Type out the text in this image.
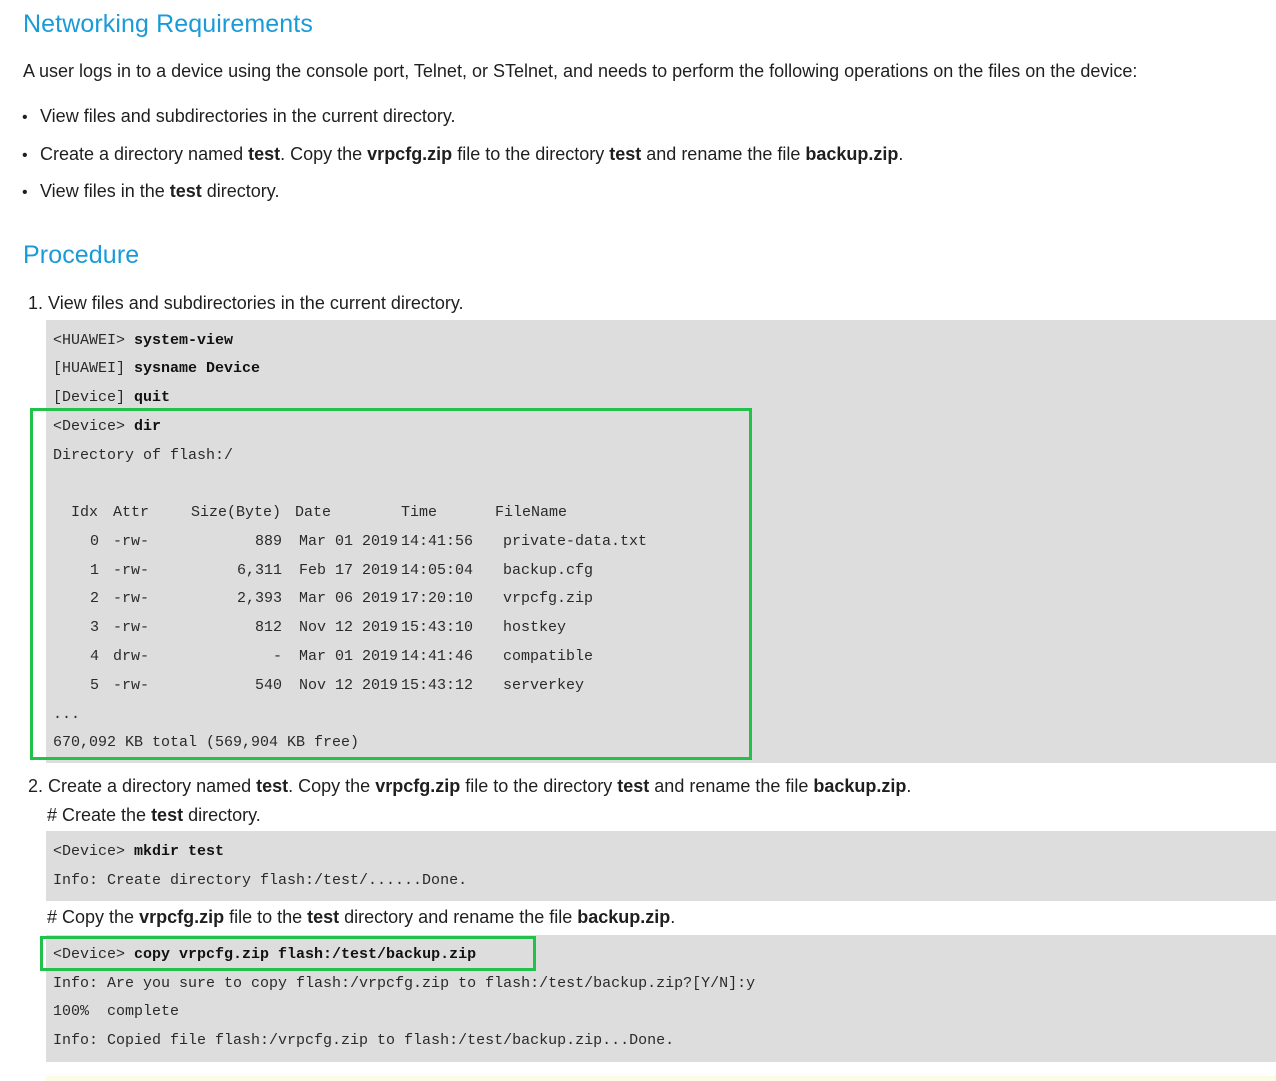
Networking Requirements

A user logs in to a device using the console port, Telnet, or STelnet, and needs to perform the following operations on the files on the device:

• View files and subdirectories in the current directory.
• Create a directory named test. Copy the vrpcfg.zip file to the directory test and rename the file backup.zip.
• View files in the test directory.
Procedure
1. View files and subdirectories in the current directory.
<HUAWEI> system-view
[HUAWEI] sysname Device
[Device] quit
<Device> dir
Directory of flash:/
Idx Attr	Size(Byte) Date	Time	FileName
0 -rw-	889 Mar 01 2019 14:41:56 private-data.txt
1 -rw-	6,311 Feb 17 2019 14:05:04 backup.cfg
2 -rw-	2,393 Mar 06 2019 17:20:10 vrpcfg.zip
3 -rw-	812 Nov 12 2019 15:43:10 hostkey
4 drw-	- Mar 01 2019 14:41:46 compatible
5 -rw-	540 Nov 12 2019 15:43:12 serverkey
...
670,092 KB total (569,904 KB free)
2. Create a directory named test. Copy the vrpcfg.zip file to the directory test and rename the file backup.zip.
# Create the test directory.
<Device> mkdir test
Info: Create directory flash:/test/......Done.
# Copy the vrpcfg.zip file to the test directory and rename the file backup.zip.
<Device> copy vrpcfg.zip flash:/test/backup.zip
Info: Are you sure to copy flash:/vrpcfg.zip to flash:/test/backup.zip?[Y/N]:y
100%  complete
Info: Copied file flash:/vrpcfg.zip to flash:/test/backup.zip...Done.
